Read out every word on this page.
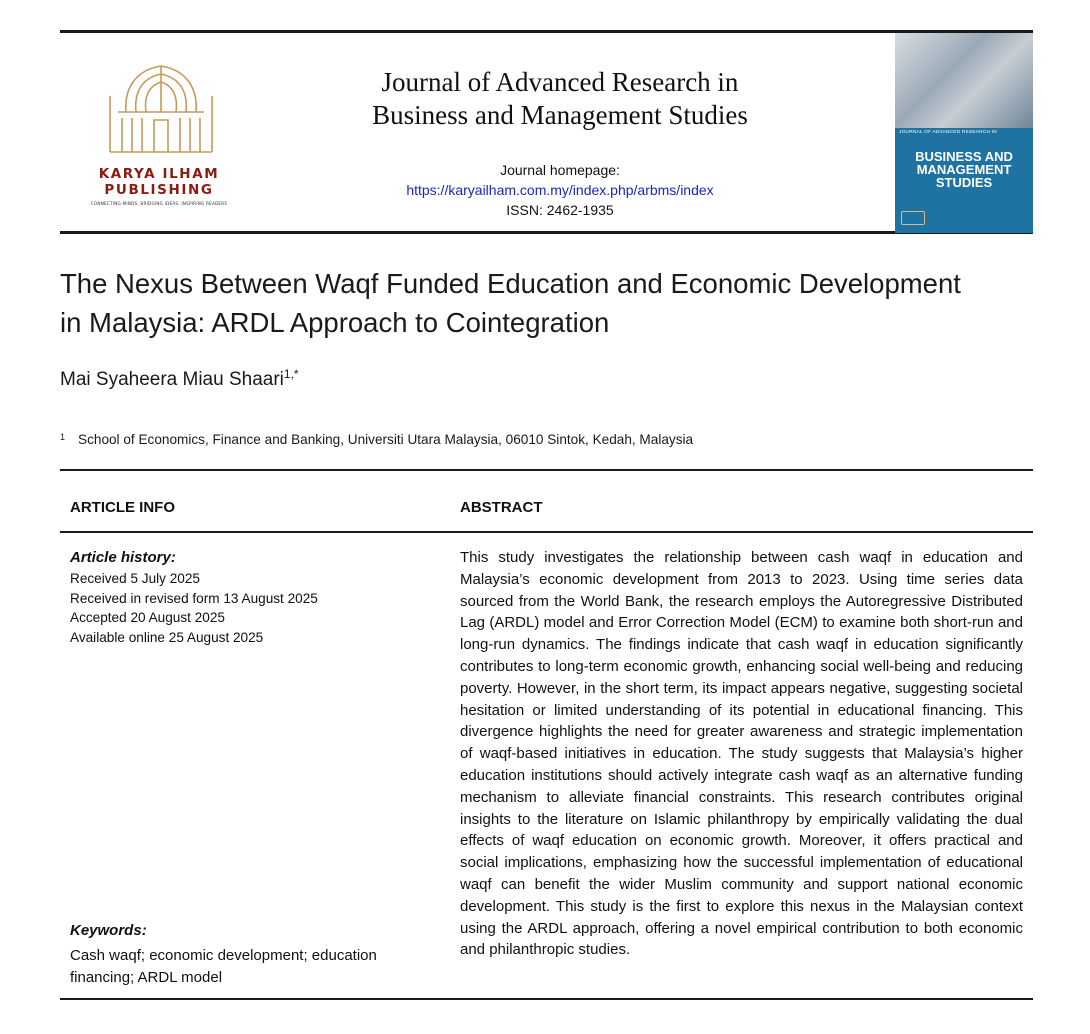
KARYA ILHAM
PUBLISHING
CONNECTING MINDS, BRIDGING IDEAS, INSPIRING READERS
Journal of Advanced Research in
Business and Management Studies
Journal homepage:
https://karyailham.com.my/index.php/arbms/index
ISSN: 2462-1935
JOURNAL OF ADVANCED RESEARCH IN
BUSINESS AND
MANAGEMENT
STUDIES
The Nexus Between Waqf Funded Education and Economic Development
in Malaysia: ARDL Approach to Cointegration
Mai Syaheera Miau Shaari$^{1,*}$
$^1$ School of Economics, Finance and Banking, Universiti Utara Malaysia, 06010 Sintok, Kedah, Malaysia
ARTICLE INFO	ABSTRACT
Article history:
Received 5 July 2025
Received in revised form 13 August 2025
Accepted 20 August 2025
Available online 25 August 2025
Keywords:
Cash waqf; economic development; education
financing; ARDL model
This study investigates the relationship between cash waqf in education and Malaysia’s economic development from 2013 to 2023. Using time series data sourced from the World Bank, the research employs the Autoregressive Distributed Lag (ARDL) model and Error Correction Model (ECM) to examine both short-run and long-run dynamics. The findings indicate that cash waqf in education significantly contributes to long-term economic growth, enhancing social well-being and reducing poverty. However, in the short term, its impact appears negative, suggesting societal hesitation or limited understanding of its potential in educational financing. This divergence highlights the need for greater awareness and strategic implementation of waqf-based initiatives in education. The study suggests that Malaysia’s higher education institutions should actively integrate cash waqf as an alternative funding mechanism to alleviate financial constraints. This research contributes original insights to the literature on Islamic philanthropy by empirically validating the dual effects of waqf education on economic growth. Moreover, it offers practical and social implications, emphasizing how the successful implementation of educational waqf can benefit the wider Muslim community and support national economic development. This study is the first to explore this nexus in the Malaysian context using the ARDL approach, offering a novel empirical contribution to both economic and philanthropic studies.
